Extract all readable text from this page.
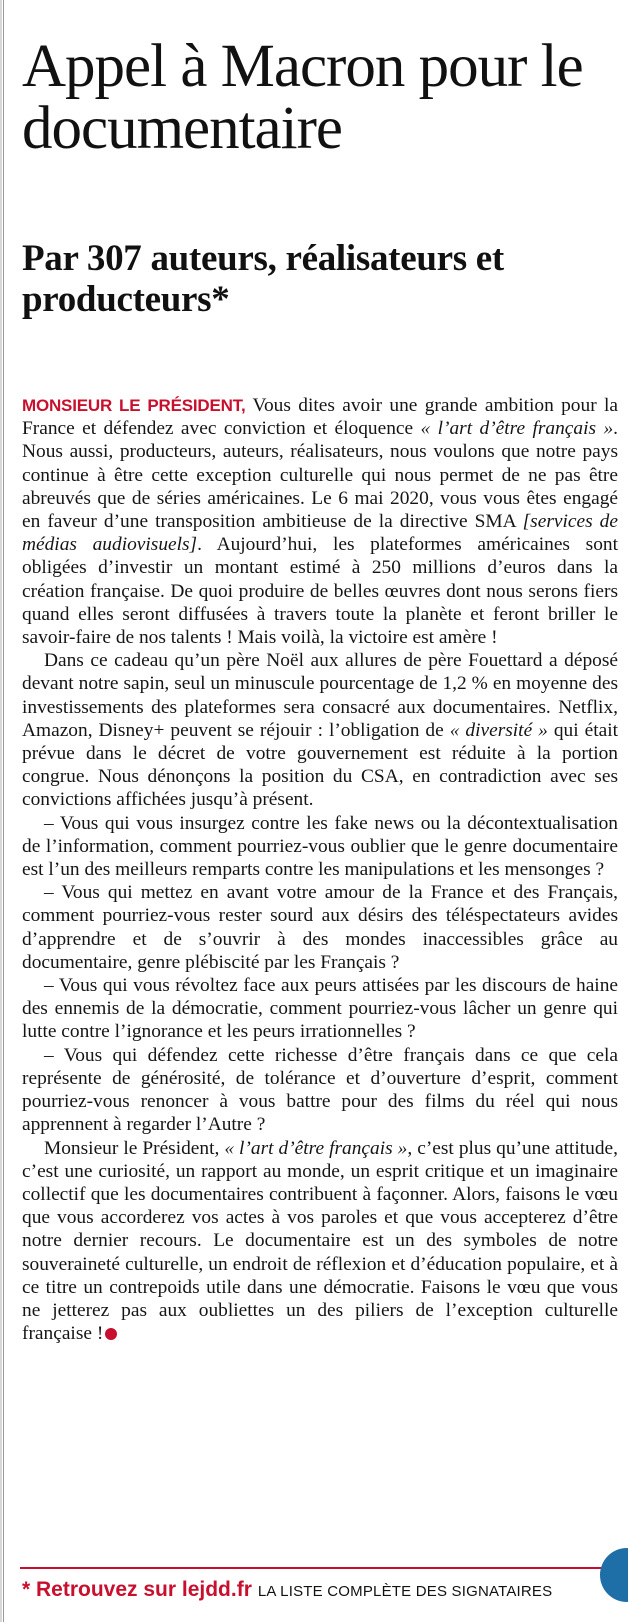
Appel à Macron pour le documentaire
Par 307 auteurs, réalisateurs et producteurs*

MONSIEUR LE PRÉSIDENT, Vous dites avoir une grande ambition pour la France et défendez avec conviction et éloquence « l’art d’être français ». Nous aussi, producteurs, auteurs, réalisateurs, nous voulons que notre pays continue à être cette exception culturelle qui nous permet de ne pas être abreuvés que de séries américaines. Le 6 mai 2020, vous vous êtes engagé en faveur d’une transposition ambitieuse de la directive SMA [services de médias audiovisuels]. Aujourd’hui, les plateformes américaines sont obligées d’investir un montant estimé à 250 millions d’euros dans la création française. De quoi produire de belles œuvres dont nous serons fiers quand elles seront diffusées à travers toute la planète et feront briller le savoir-faire de nos talents ! Mais voilà, la victoire est amère !

Dans ce cadeau qu’un père Noël aux allures de père Fouettard a déposé devant notre sapin, seul un minuscule pourcentage de 1,2 % en moyenne des investissements des plateformes sera consacré aux documentaires. Netflix, Amazon, Disney+ peuvent se réjouir : l’obligation de « diversité » qui était prévue dans le décret de votre gouvernement est réduite à la portion congrue. Nous dénonçons la position du CSA, en contradiction avec ses convictions affichées jusqu’à présent.

– Vous qui vous insurgez contre les fake news ou la décontextualisation de l’information, comment pourriez-vous oublier que le genre documentaire est l’un des meilleurs remparts contre les manipulations et les mensonges ?

– Vous qui mettez en avant votre amour de la France et des Français, comment pourriez-vous rester sourd aux désirs des téléspectateurs avides d’apprendre et de s’ouvrir à des mondes inaccessibles grâce au documentaire, genre plébiscité par les Français ?

– Vous qui vous révoltez face aux peurs attisées par les discours de haine des ennemis de la démocratie, comment pourriez-vous lâcher un genre qui lutte contre l’ignorance et les peurs irrationnelles ?

– Vous qui défendez cette richesse d’être français dans ce que cela représente de générosité, de tolérance et d’ouverture d’esprit, comment pourriez-vous renoncer à vous battre pour des films du réel qui nous apprennent à regarder l’Autre ?

Monsieur le Président, « l’art d’être français », c’est plus qu’une attitude, c’est une curiosité, un rapport au monde, un esprit critique et un imaginaire collectif que les documentaires contribuent à façonner. Alors, faisons le vœu que vous accorderez vos actes à vos paroles et que vous accepterez d’être notre dernier recours. Le documentaire est un des symboles de notre souveraineté culturelle, un endroit de réflexion et d’éducation populaire, et à ce titre un contrepoids utile dans une démocratie. Faisons le vœu que vous ne jetterez pas aux oubliettes un des piliers de l’exception culturelle française !

* Retrouvez sur lejdd.fr LA LISTE COMPLÈTE DES SIGNATAIRES
